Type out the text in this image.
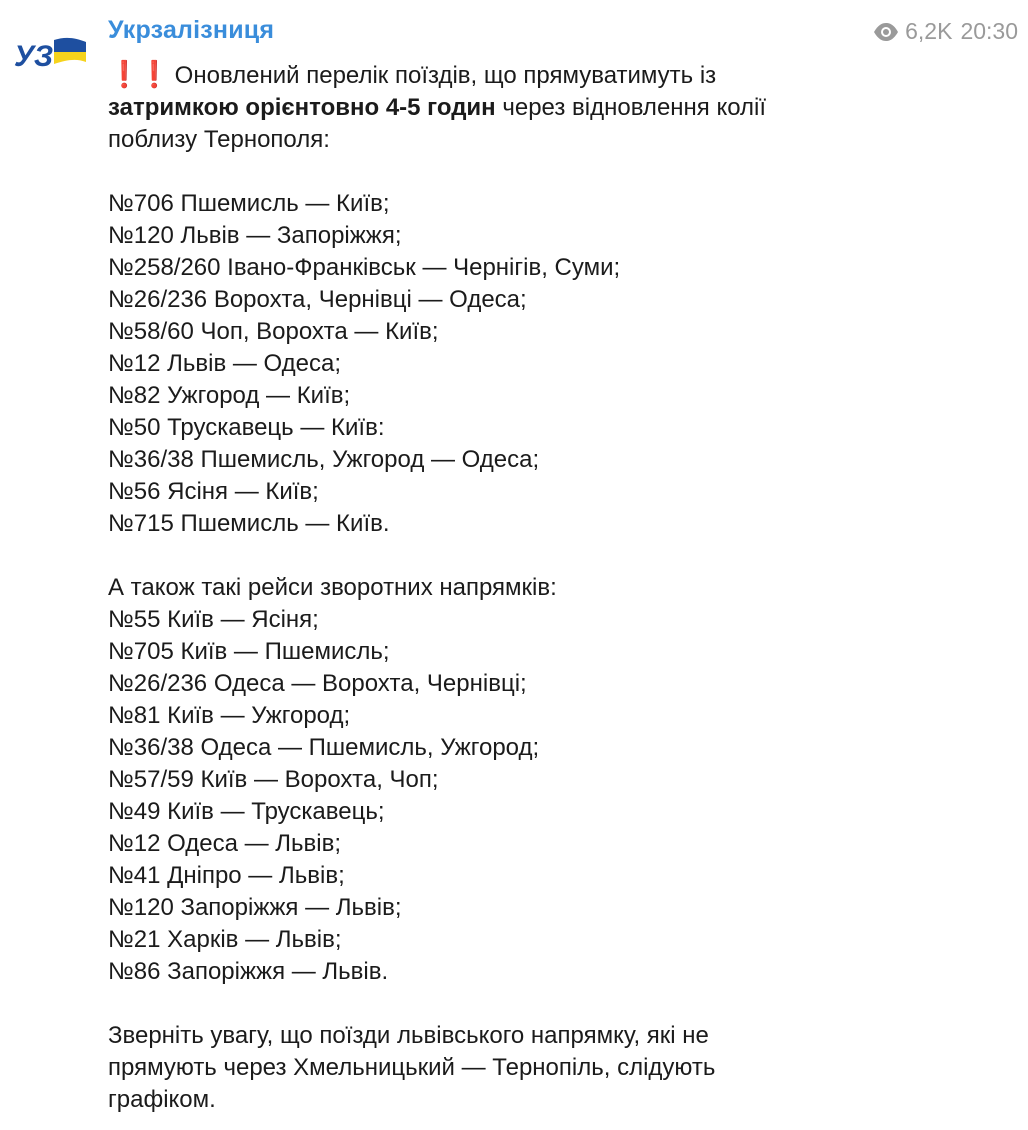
УЗ
Укрзалізниця	6,2K 20:30
❗❗ Оновлений перелік поїздів, що прямуватимуть із
затримкою орієнтовно 4-5 годин через відновлення колії
поблизу Тернополя:
№706 Пшемисль — Київ;
№120 Львів — Запоріжжя;
№258/260 Івано-Франківськ — Чернігів, Суми;
№26/236 Ворохта, Чернівці — Одеса;
№58/60 Чоп, Ворохта — Київ;
№12 Львів — Одеса;
№82 Ужгород — Київ;
№50 Трускавець — Київ:
№36/38 Пшемисль, Ужгород — Одеса;
№56 Ясіня — Київ;
№715 Пшемисль — Київ.
А також такі рейси зворотних напрямків:
№55 Київ — Ясіня;
№705 Київ — Пшемисль;
№26/236 Одеса — Ворохта, Чернівці;
№81 Київ — Ужгород;
№36/38 Одеса — Пшемисль, Ужгород;
№57/59 Київ — Ворохта, Чоп;
№49 Київ — Трускавець;
№12 Одеса — Львів;
№41 Дніпро — Львів;
№120 Запоріжжя — Львів;
№21 Харків — Львів;
№86 Запоріжжя — Львів.
Зверніть увагу, що поїзди львівського напрямку, які не
прямують через Хмельницький — Тернопіль, слідують
графіком.
